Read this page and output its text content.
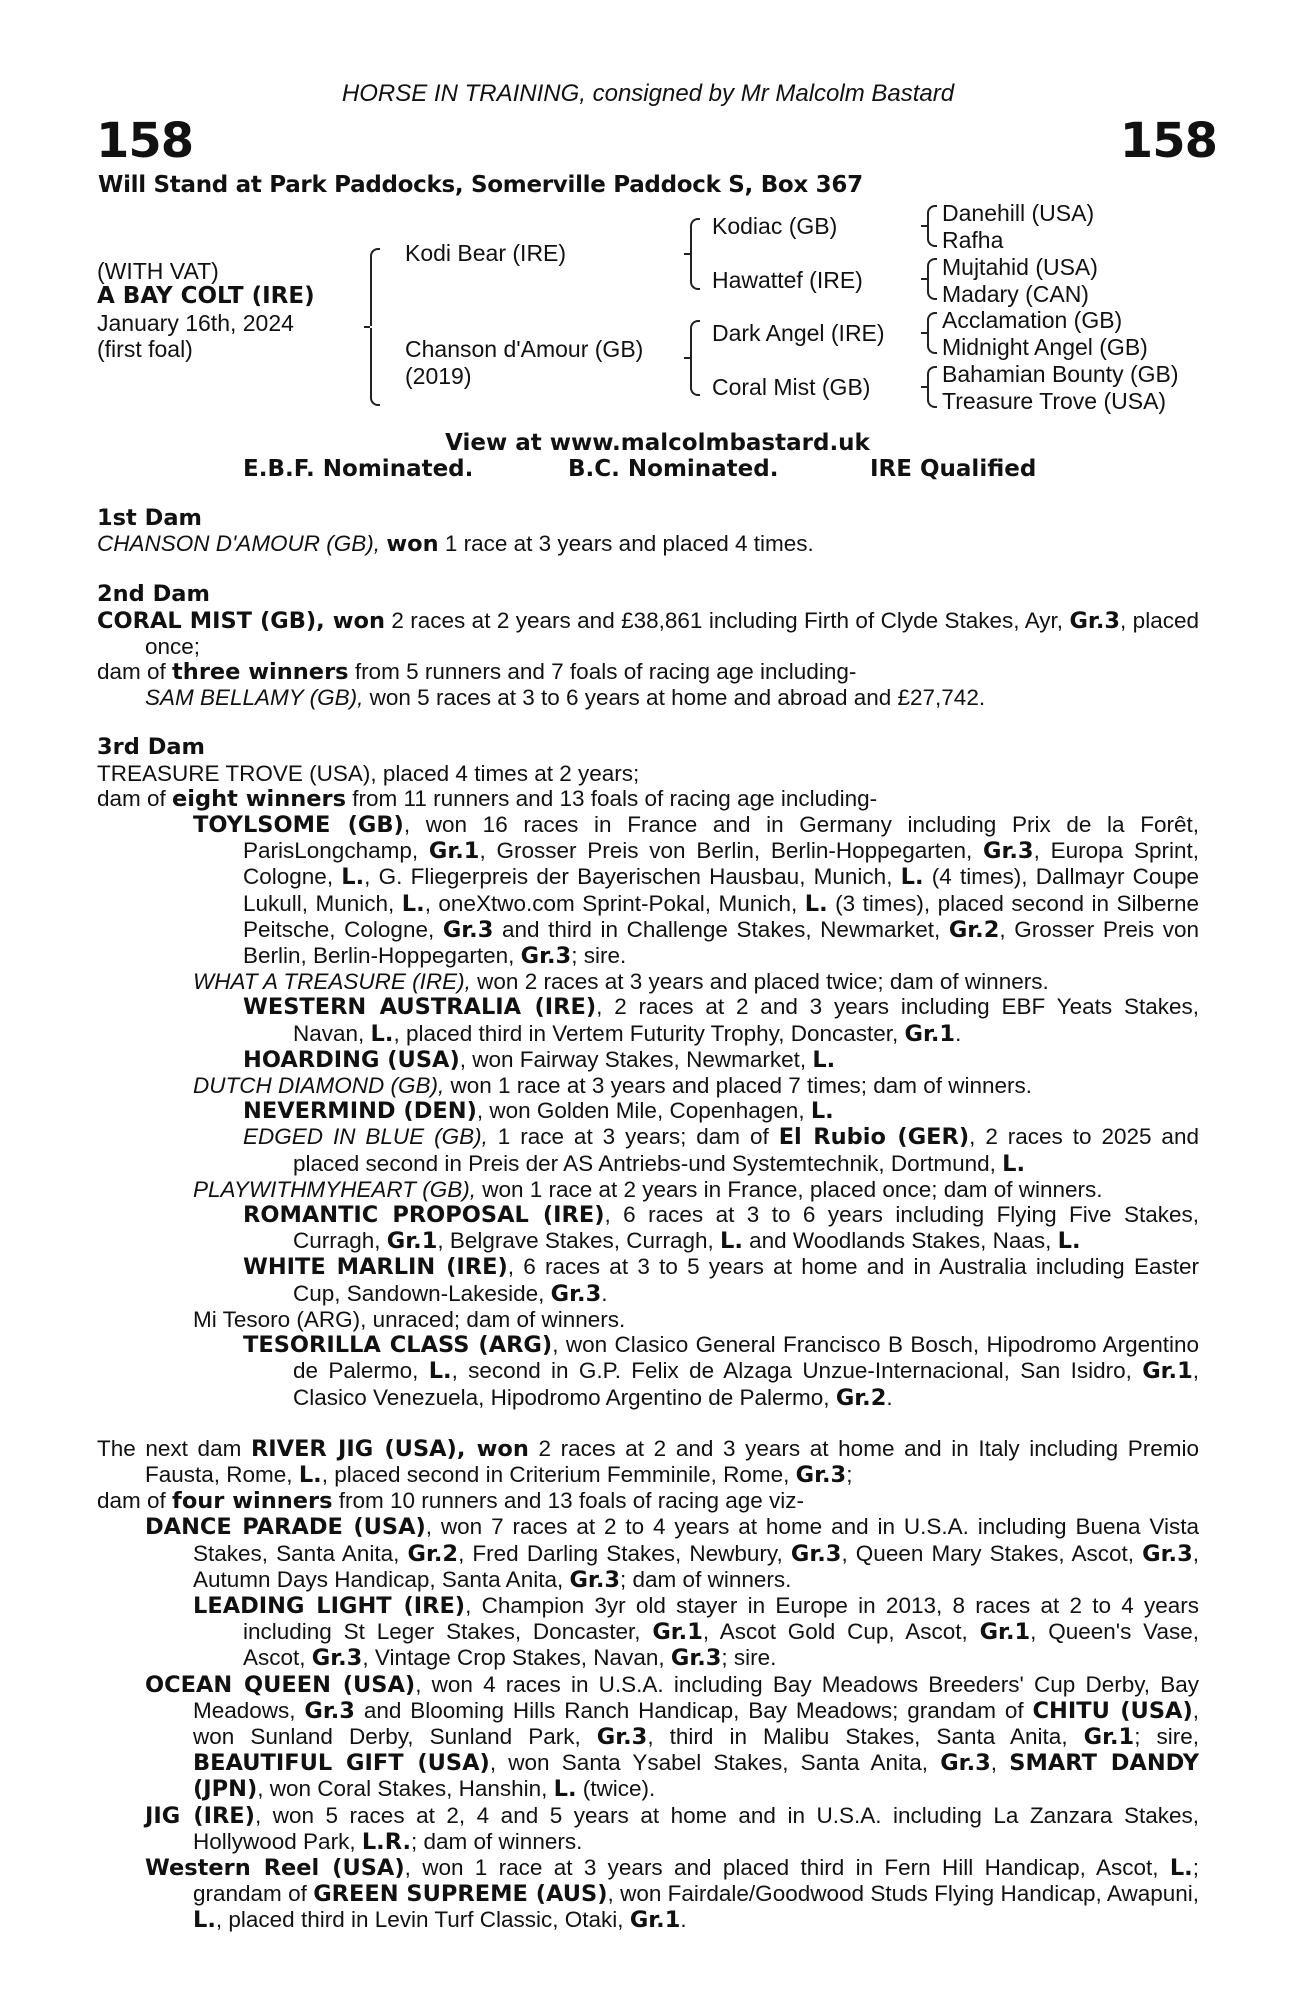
HORSE IN TRAINING, consigned by Mr Malcolm Bastard
158	158
Will Stand at Park Paddocks, Somerville Paddock S, Box 367
(WITH VAT)
A BAY COLT (IRE)
January 16th, 2024
(first foal)
Kodi Bear (IRE)
Chanson d'Amour (GB)
(2019)
Kodiac (GB)
Hawattef (IRE)
Dark Angel (IRE)
Coral Mist (GB)
Danehill (USA)
Rafha
Mujtahid (USA)
Madary (CAN)
Acclamation (GB)
Midnight Angel (GB)
Bahamian Bounty (GB)
Treasure Trove (USA)
View at www.malcolmbastard.uk
E.B.F. Nominated.	B.C. Nominated.	IRE Qualified

1st Dam

CHANSON D'AMOUR (GB), won 1 race at 3 years and placed 4 times.

2nd Dam

CORAL MIST (GB), won 2 races at 2 years and £38,861 including Firth of Clyde Stakes, Ayr, Gr.3, placed once;

dam of three winners from 5 runners and 7 foals of racing age including-

SAM BELLAMY (GB), won 5 races at 3 to 6 years at home and abroad and £27,742.

3rd Dam

TREASURE TROVE (USA), placed 4 times at 2 years;

dam of eight winners from 11 runners and 13 foals of racing age including-

TOYLSOME (GB), won 16 races in France and in Germany including Prix de la Forêt, ParisLongchamp, Gr.1, Grosser Preis von Berlin, Berlin-Hoppegarten, Gr.3, Europa Sprint, Cologne, L., G. Fliegerpreis der Bayerischen Hausbau, Munich, L. (4 times), Dallmayr Coupe Lukull, Munich, L., oneXtwo.com Sprint-Pokal, Munich, L. (3 times), placed second in Silberne Peitsche, Cologne, Gr.3 and third in Challenge Stakes, Newmarket, Gr.2, Grosser Preis von Berlin, Berlin-Hoppegarten, Gr.3; sire.

WHAT A TREASURE (IRE), won 2 races at 3 years and placed twice; dam of winners.

WESTERN AUSTRALIA (IRE), 2 races at 2 and 3 years including EBF Yeats Stakes, Navan, L., placed third in Vertem Futurity Trophy, Doncaster, Gr.1.

HOARDING (USA), won Fairway Stakes, Newmarket, L.

DUTCH DIAMOND (GB), won 1 race at 3 years and placed 7 times; dam of winners.

NEVERMIND (DEN), won Golden Mile, Copenhagen, L.

EDGED IN BLUE (GB), 1 race at 3 years; dam of El Rubio (GER), 2 races to 2025 and placed second in Preis der AS Antriebs-und Systemtechnik, Dortmund, L.

PLAYWITHMYHEART (GB), won 1 race at 2 years in France, placed once; dam of winners.

ROMANTIC PROPOSAL (IRE), 6 races at 3 to 6 years including Flying Five Stakes, Curragh, Gr.1, Belgrave Stakes, Curragh, L. and Woodlands Stakes, Naas, L.

WHITE MARLIN (IRE), 6 races at 3 to 5 years at home and in Australia including Easter Cup, Sandown-Lakeside, Gr.3.

Mi Tesoro (ARG), unraced; dam of winners.

TESORILLA CLASS (ARG), won Clasico General Francisco B Bosch, Hipodromo Argentino de Palermo, L., second in G.P. Felix de Alzaga Unzue-Internacional, San Isidro, Gr.1, Clasico Venezuela, Hipodromo Argentino de Palermo, Gr.2.

The next dam RIVER JIG (USA), won 2 races at 2 and 3 years at home and in Italy including Premio Fausta, Rome, L., placed second in Criterium Femminile, Rome, Gr.3;

dam of four winners from 10 runners and 13 foals of racing age viz-

DANCE PARADE (USA), won 7 races at 2 to 4 years at home and in U.S.A. including Buena Vista Stakes, Santa Anita, Gr.2, Fred Darling Stakes, Newbury, Gr.3, Queen Mary Stakes, Ascot, Gr.3, Autumn Days Handicap, Santa Anita, Gr.3; dam of winners.

LEADING LIGHT (IRE), Champion 3yr old stayer in Europe in 2013, 8 races at 2 to 4 years including St Leger Stakes, Doncaster, Gr.1, Ascot Gold Cup, Ascot, Gr.1, Queen's Vase, Ascot, Gr.3, Vintage Crop Stakes, Navan, Gr.3; sire.

OCEAN QUEEN (USA), won 4 races in U.S.A. including Bay Meadows Breeders' Cup Derby, Bay Meadows, Gr.3 and Blooming Hills Ranch Handicap, Bay Meadows; grandam of CHITU (USA), won Sunland Derby, Sunland Park, Gr.3, third in Malibu Stakes, Santa Anita, Gr.1; sire, BEAUTIFUL GIFT (USA), won Santa Ysabel Stakes, Santa Anita, Gr.3, SMART DANDY (JPN), won Coral Stakes, Hanshin, L. (twice).

JIG (IRE), won 5 races at 2, 4 and 5 years at home and in U.S.A. including La Zanzara Stakes, Hollywood Park, L.R.; dam of winners.

Western Reel (USA), won 1 race at 3 years and placed third in Fern Hill Handicap, Ascot, L.; grandam of GREEN SUPREME (AUS), won Fairdale/Goodwood Studs Flying Handicap, Awapuni, L., placed third in Levin Turf Classic, Otaki, Gr.1.
